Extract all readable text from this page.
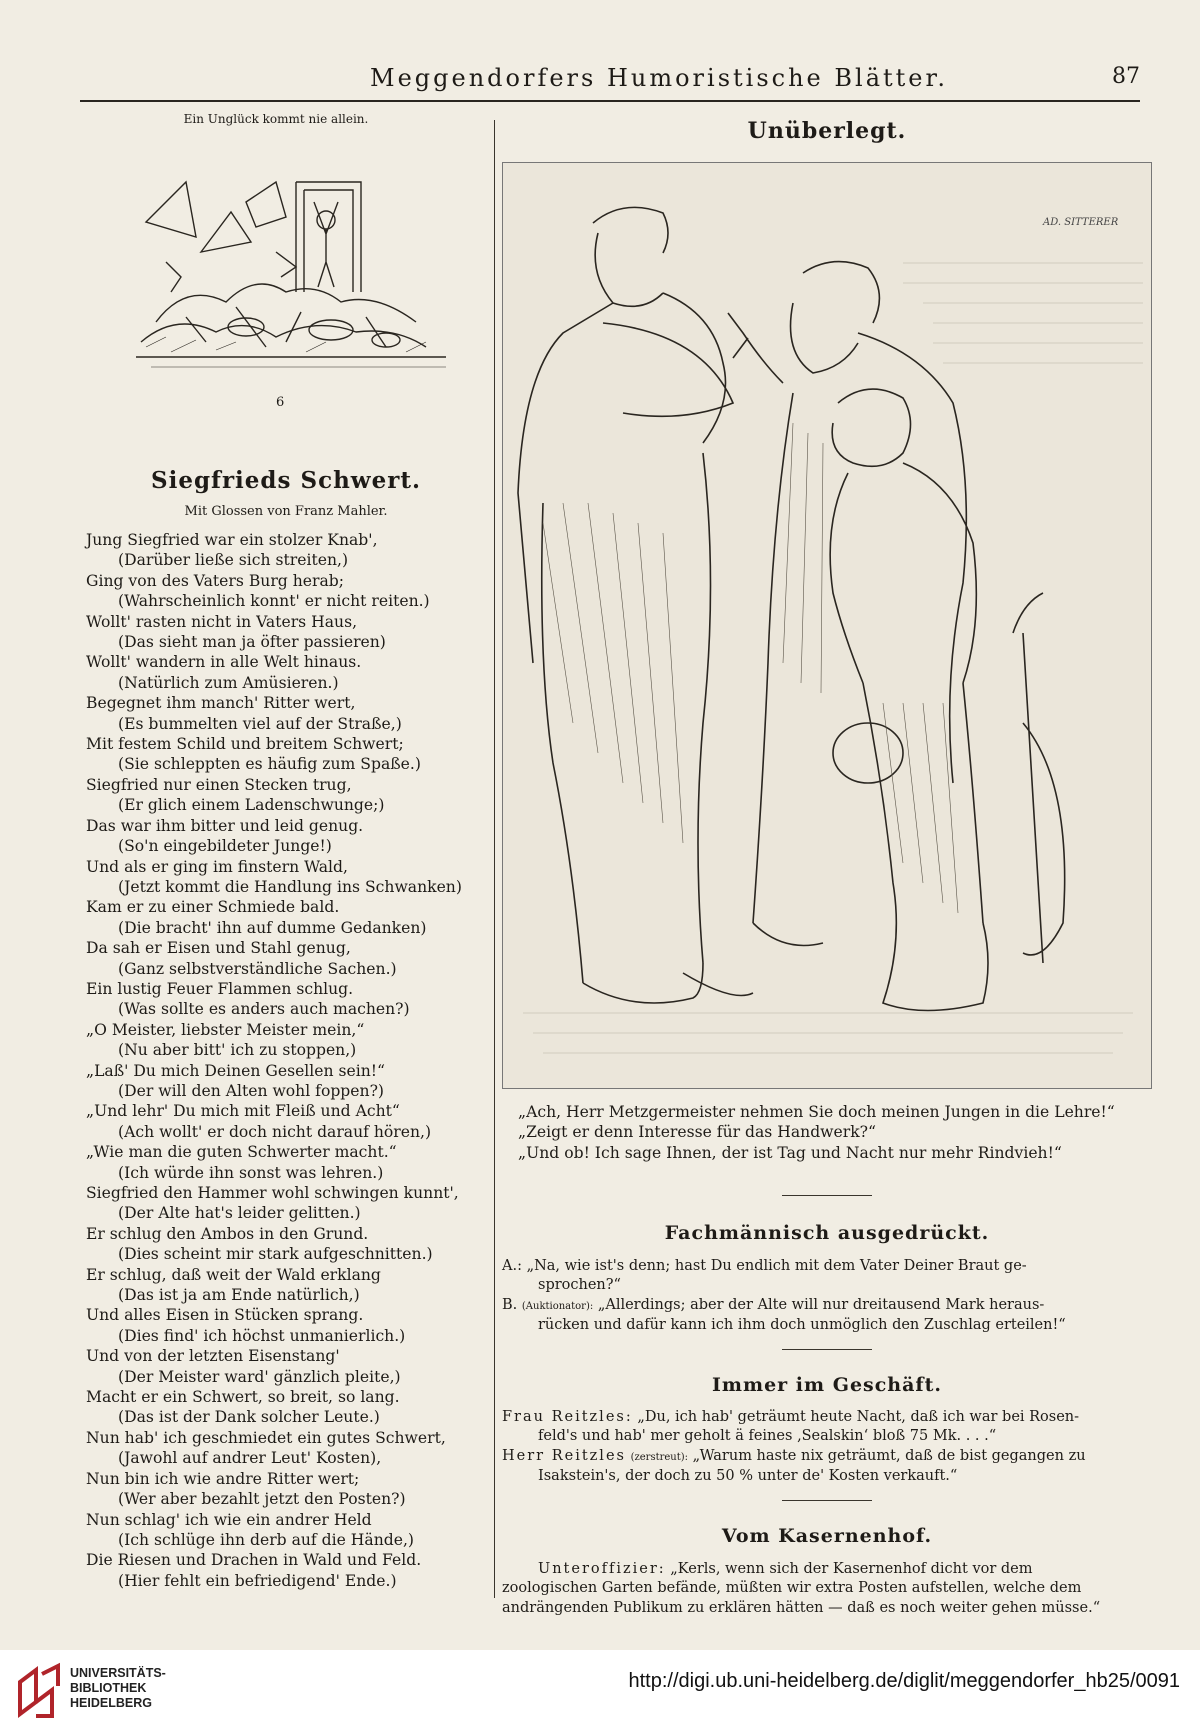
Meggendorfers Humoristische Blätter.	87
Ein Unglück kommt nie allein.
6
Siegfrieds Schwert.
Mit Glossen von Franz Mahler.
Jung Siegfried war ein stolzer Knab',
(Darüber ließe sich streiten,)
Ging von des Vaters Burg herab;
(Wahrscheinlich konnt' er nicht reiten.)
Wollt' rasten nicht in Vaters Haus,
(Das sieht man ja öfter passieren)
Wollt' wandern in alle Welt hinaus.
(Natürlich zum Amüsieren.)
Begegnet ihm manch' Ritter wert,
(Es bummelten viel auf der Straße,)
Mit festem Schild und breitem Schwert;
(Sie schleppten es häufig zum Spaße.)
Siegfried nur einen Stecken trug,
(Er glich einem Ladenschwunge;)
Das war ihm bitter und leid genug.
(So'n eingebildeter Junge!)
Und als er ging im finstern Wald,
(Jetzt kommt die Handlung ins Schwanken)
Kam er zu einer Schmiede bald.
(Die bracht' ihn auf dumme Gedanken)
Da sah er Eisen und Stahl genug,
(Ganz selbstverständliche Sachen.)
Ein lustig Feuer Flammen schlug.
(Was sollte es anders auch machen?)
„O Meister, liebster Meister mein,“
(Nu aber bitt' ich zu stoppen,)
„Laß' Du mich Deinen Gesellen sein!“
(Der will den Alten wohl foppen?)
„Und lehr' Du mich mit Fleiß und Acht“
(Ach wollt' er doch nicht darauf hören,)
„Wie man die guten Schwerter macht.“
(Ich würde ihn sonst was lehren.)
Siegfried den Hammer wohl schwingen kunnt',
(Der Alte hat's leider gelitten.)
Er schlug den Ambos in den Grund.
(Dies scheint mir stark aufgeschnitten.)
Er schlug, daß weit der Wald erklang
(Das ist ja am Ende natürlich,)
Und alles Eisen in Stücken sprang.
(Dies find' ich höchst unmanierlich.)
Und von der letzten Eisenstang'
(Der Meister ward' gänzlich pleite,)
Macht er ein Schwert, so breit, so lang.
(Das ist der Dank solcher Leute.)
Nun hab' ich geschmiedet ein gutes Schwert,
(Jawohl auf andrer Leut' Kosten),
Nun bin ich wie andre Ritter wert;
(Wer aber bezahlt jetzt den Posten?)
Nun schlag' ich wie ein andrer Held
(Ich schlüge ihn derb auf die Hände,)
Die Riesen und Drachen in Wald und Feld.
(Hier fehlt ein befriedigend' Ende.)
Unüberlegt.
AD. SITTERER
„Ach, Herr Metzgermeister nehmen Sie doch meinen Jungen in die Lehre!“
„Zeigt er denn Interesse für das Handwerk?“
„Und ob! Ich sage Ihnen, der ist Tag und Nacht nur mehr Rindvieh!“
Fachmännisch ausgedrückt.
A.: „Na, wie ist's denn; hast Du endlich mit dem Vater Deiner Braut ge-
sprochen?“
B. (Auktionator): „Allerdings; aber der Alte will nur dreitausend Mark heraus-
rücken und dafür kann ich ihm doch unmöglich den Zuschlag erteilen!“
Immer im Geschäft.
Frau Reitzles: „Du, ich hab' geträumt heute Nacht, daß ich war bei Rosen-
feld's und hab' mer geholt ä feines ‚Sealskin‘ bloß 75 Mk. . . .“
Herr Reitzles (zerstreut): „Warum haste nix geträumt, daß de bist gegangen zu
Isakstein's, der doch zu 50 % unter de' Kosten verkauft.“
Vom Kasernenhof.
Unteroffizier: „Kerls, wenn sich der Kasernenhof dicht vor dem
zoologischen Garten befände, müßten wir extra Posten aufstellen, welche dem
andrängenden Publikum zu erklären hätten — daß es noch weiter gehen müsse.“
UNIVERSITÄTS-
BIBLIOTHEK
HEIDELBERG
http://digi.ub.uni-heidelberg.de/diglit/meggendorfer_hb25/0091
